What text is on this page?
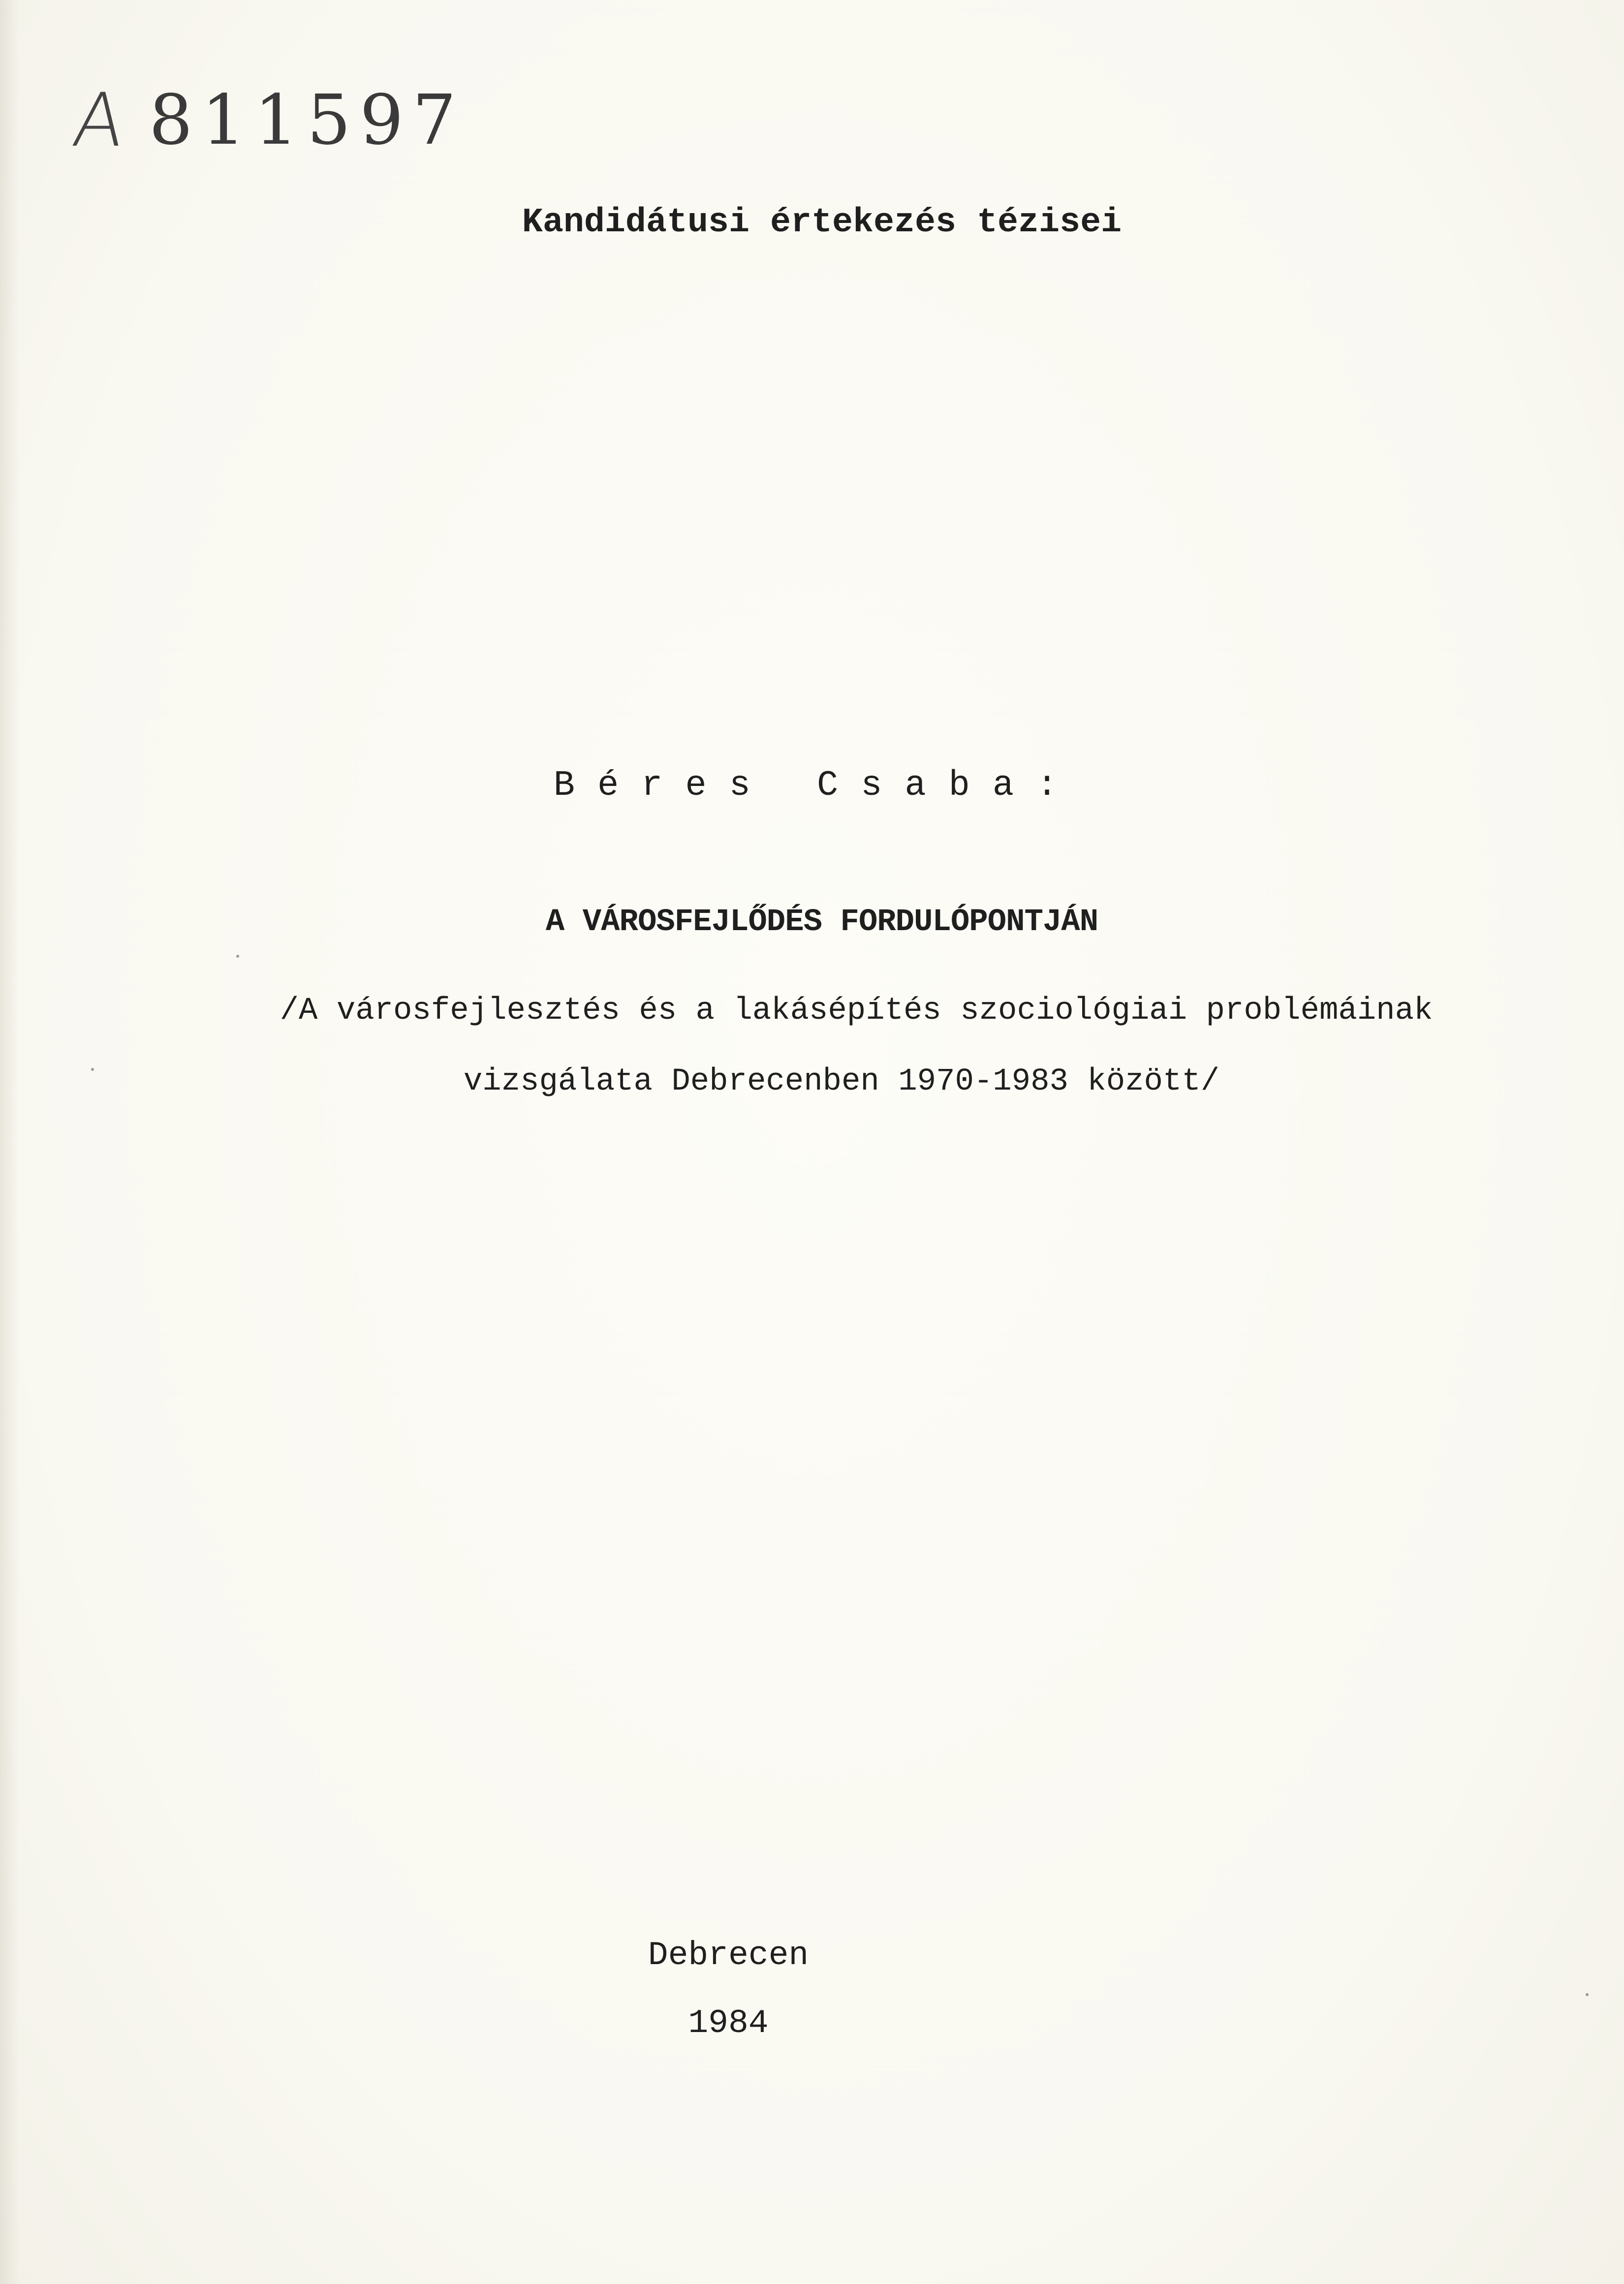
A 811597
Kandidátusi értekezés tézisei
Béres Csaba:
A VÁROSFEJLŐDÉS FORDULÓPONTJÁN
/A városfejlesztés és a lakásépítés szociológiai problémáinak
vizsgálata Debrecenben 1970-1983 között/
Debrecen
1984
